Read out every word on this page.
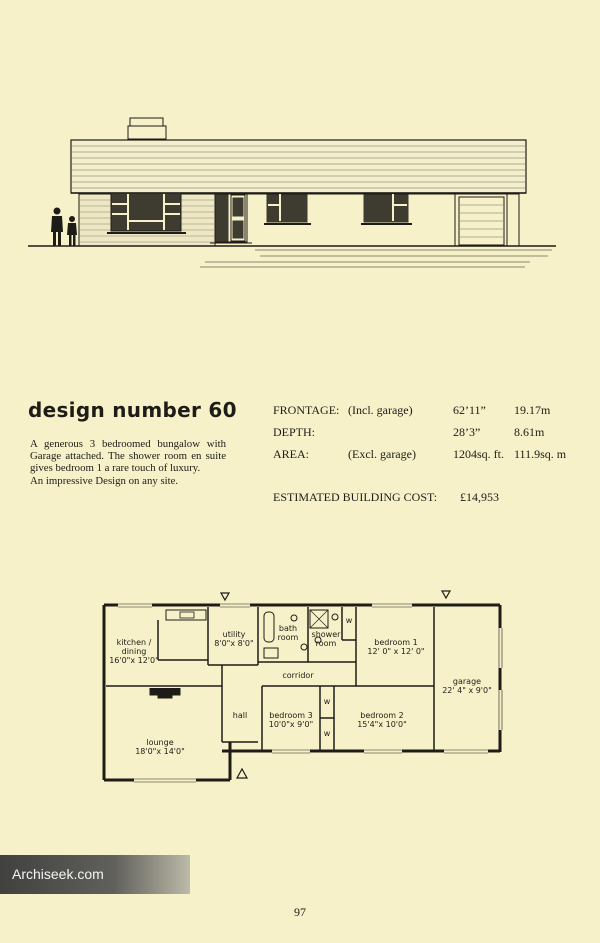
design number 60

A generous 3 bedroomed bungalow with Garage attached. The shower room en suite gives bedroom 1 a rare touch of luxury.

An impressive Design on any site.

FRONTAGE: (Incl. garage)	62’11” 19.17m
DEPTH:	28’3”	8.61m
AREA:	(Excl. garage)	1204sq. ft. 111.9sq. m
ESTIMATED BUILDING COST: £14,953
kitchen /
dining
16'0"x 12'0"
utility
8'0"x 8'0"
bath
room	shower
room	bedroom 1
12' 0" x 12' 0"
garage
22' 4" x 9'0"
corridor
hall
lounge
18'0"x 14'0"
bedroom 3
10'0"x 9'0"
bedroom 2
15'4"x 10'0"
w
w
w
Archiseek.com
97
